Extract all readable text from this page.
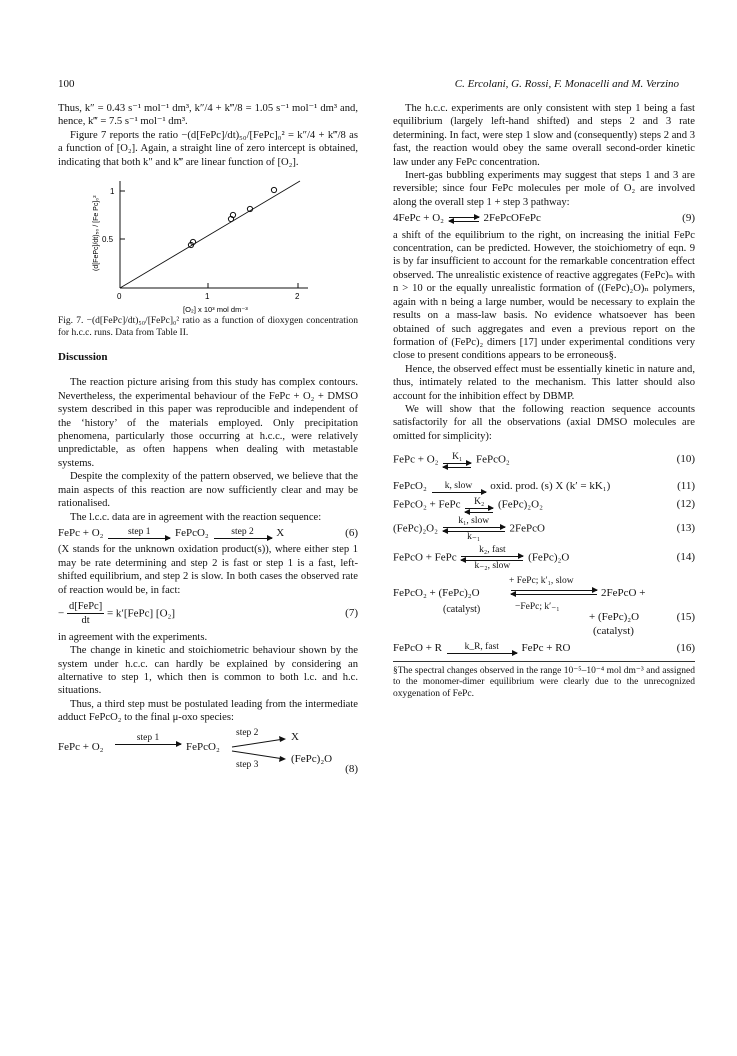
100	C. Ercolani, G. Rossi, F. Monacelli and M. Verzino

Thus, k″ = 0.43 s⁻¹ mol⁻¹ dm³, k″/4 + k‴/8 = 1.05 s⁻¹ mol⁻¹ dm³ and, hence, k‴ = 7.5 s⁻¹ mol⁻¹ dm³.

Figure 7 reports the ratio −(d[FePc]/dt)₅₀/[FePc]₀² = k″/4 + k‴/8 as a function of [O₂]. Again, a straight line of zero intercept is obtained, indicating that both k″ and k‴ are linear function of [O₂].

1
0.5
0	1	2
[O₂] x 10³ mol dm⁻³
(d[FePc]/dt)₅₀ / [Fe Pc]₀²

Fig. 7. −(d[FePc]/dt)₅₀/[FePc]₀² ratio as a function of dioxygen concentration for h.c.c. runs. Data from Table II.

Discussion

The reaction picture arising from this study has complex contours. Nevertheless, the experimental behaviour of the FePc + O₂ + DMSO system described in this paper was reproducible and independent of the ‘history’ of the materials employed. Only precipitation phenomena, particularly those occurring at h.c.c., were relatively unpredictable, as often happens when dealing with metastable systems.

Despite the complexity of the pattern observed, we believe that the main aspects of this reaction are now sufficiently clear and may be rationalised.

The l.c.c. data are in agreement with the reaction sequence:

FePc + O₂	step 1	FePcO₂	step 2	X	(6)

(X stands for the unknown oxidation product(s)), where either step 1 may be rate determining and step 2 is fast or step 1 is a fast, left-shifted equilibrium, and step 2 is slow. In both cases the observed rate of reaction would be, in fact:

− $\frac{\text{d[FePc]}}{dt}$ = k′[FePc] [O₂]	(7)

in agreement with the experiments.

The change in kinetic and stoichiometric behaviour shown by the system under h.c.c. can hardly be explained by considering an alternative to step 1, which then is common to both l.c. and h.c. situations.

Thus, a third step must be postulated leading from the intermediate adduct FePcO₂ to the final μ-oxo species:

FePc + O₂
step 1
FePcO₂
step 2	X
step 3	(FePc)₂O
(8)

The h.c.c. experiments are only consistent with step 1 being a fast equilibrium (largely left-hand shifted) and steps 2 and 3 rate determining. In fact, were step 1 slow and (consequently) steps 2 and 3 fast, the reaction would obey the same overall second-order kinetic law under any FePc concentration.

Inert-gas bubbling experiments may suggest that steps 1 and 3 are reversible; since four FePc molecules per mole of O₂ are involved along the overall step 1 + step 3 pathway:

4FePc + O₂	2FePcOFePc	(9)

a shift of the equilibrium to the right, on increasing the initial FePc concentration, can be predicted. However, the stoichiometry of eqn. 9 is by far insufficient to account for the remarkable concentration effect observed. The unrealistic existence of reactive aggregates (FePc)ₙ with n > 10 or the equally unrealistic formation of ((FePc)₂O)ₙ polymers, again with n being a large number, would be necessary to explain the results on a mass-law basis. No evidence whatsoever has been obtained of such aggregates and even a previous report on the formation of (FePc)₂ dimers [17] under experimental conditions very close to present conditions appears to be erroneous§.

Hence, the observed effect must be essentially kinetic in nature and, thus, intimately related to the mechanism. This latter should also account for the inhibition effect by DBMP.

We will show that the following reaction sequence accounts satisfactorily for all the observations (axial DMSO molecules are omitted for simplicity):

FePc + O₂	K₁	FePcO₂	(10)
FePcO₂	k, slow	oxid. prod. (s) X (k′ = kK₁)	(11)
FePcO₂ + FePc	K₂	(FePc)₂O₂	(12)
(FePc)₂O₂
k₁, slow
k₋₁
2FePcO	(13)
FePcO + FePc
k₂, fast
k₋₂, slow
(FePc)₂O	(14)
FePcO₂ + (FePc)₂O
(catalyst)
+ FePc; k′₁, slow
−FePc; k′₋₁
2FePcO +
+ (FePc)₂O
(catalyst)
(15)
FePcO + R	k_R, fast	FePc + RO	(16)

§The spectral changes observed in the range 10⁻⁵–10⁻⁴ mol dm⁻³ and assigned to the monomer-dimer equilibrium were clearly due to the unrecognized oxygenation of FePc.
